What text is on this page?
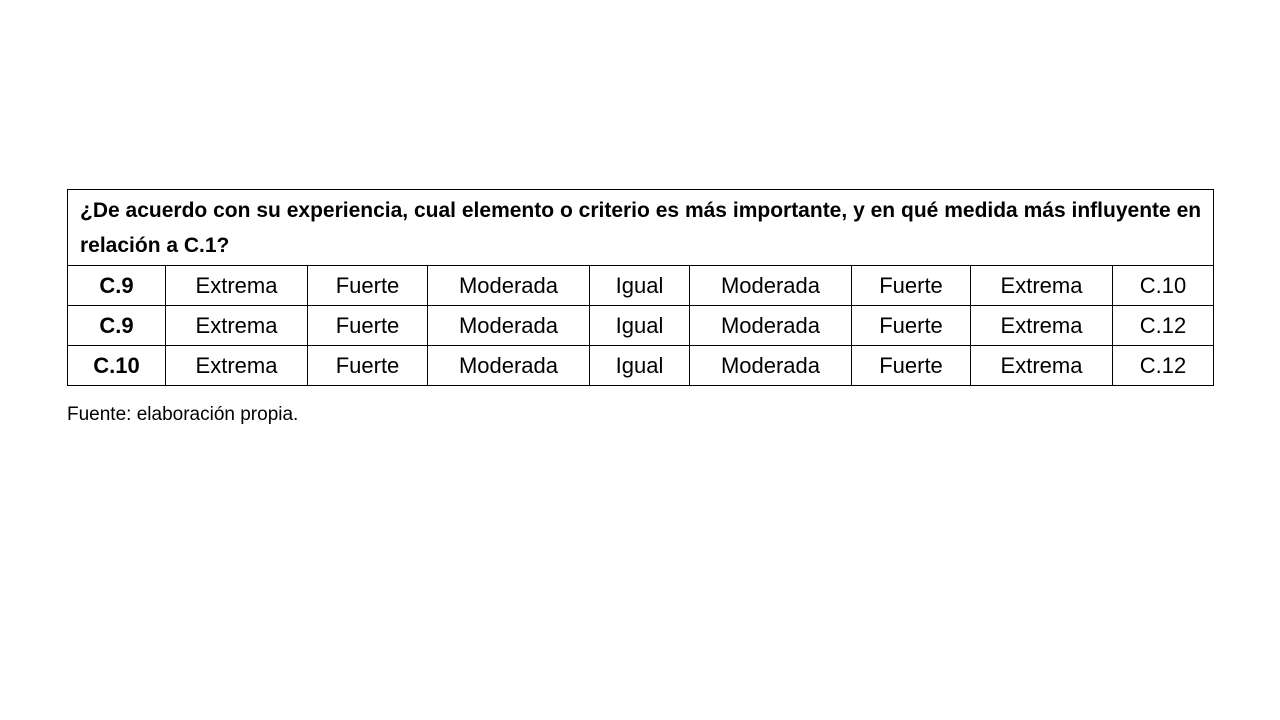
¿De acuerdo con su experiencia, cual elemento o criterio es más importante, y en qué medida más influyente en relación a C.1?								
C.9	Extrema	Fuerte	Moderada	Igual	Moderada	Fuerte	Extrema	C.10
C.9	Extrema	Fuerte	Moderada	Igual	Moderada	Fuerte	Extrema	C.12
C.10	Extrema	Fuerte	Moderada	Igual	Moderada	Fuerte	Extrema	C.12
Fuente: elaboración propia.
